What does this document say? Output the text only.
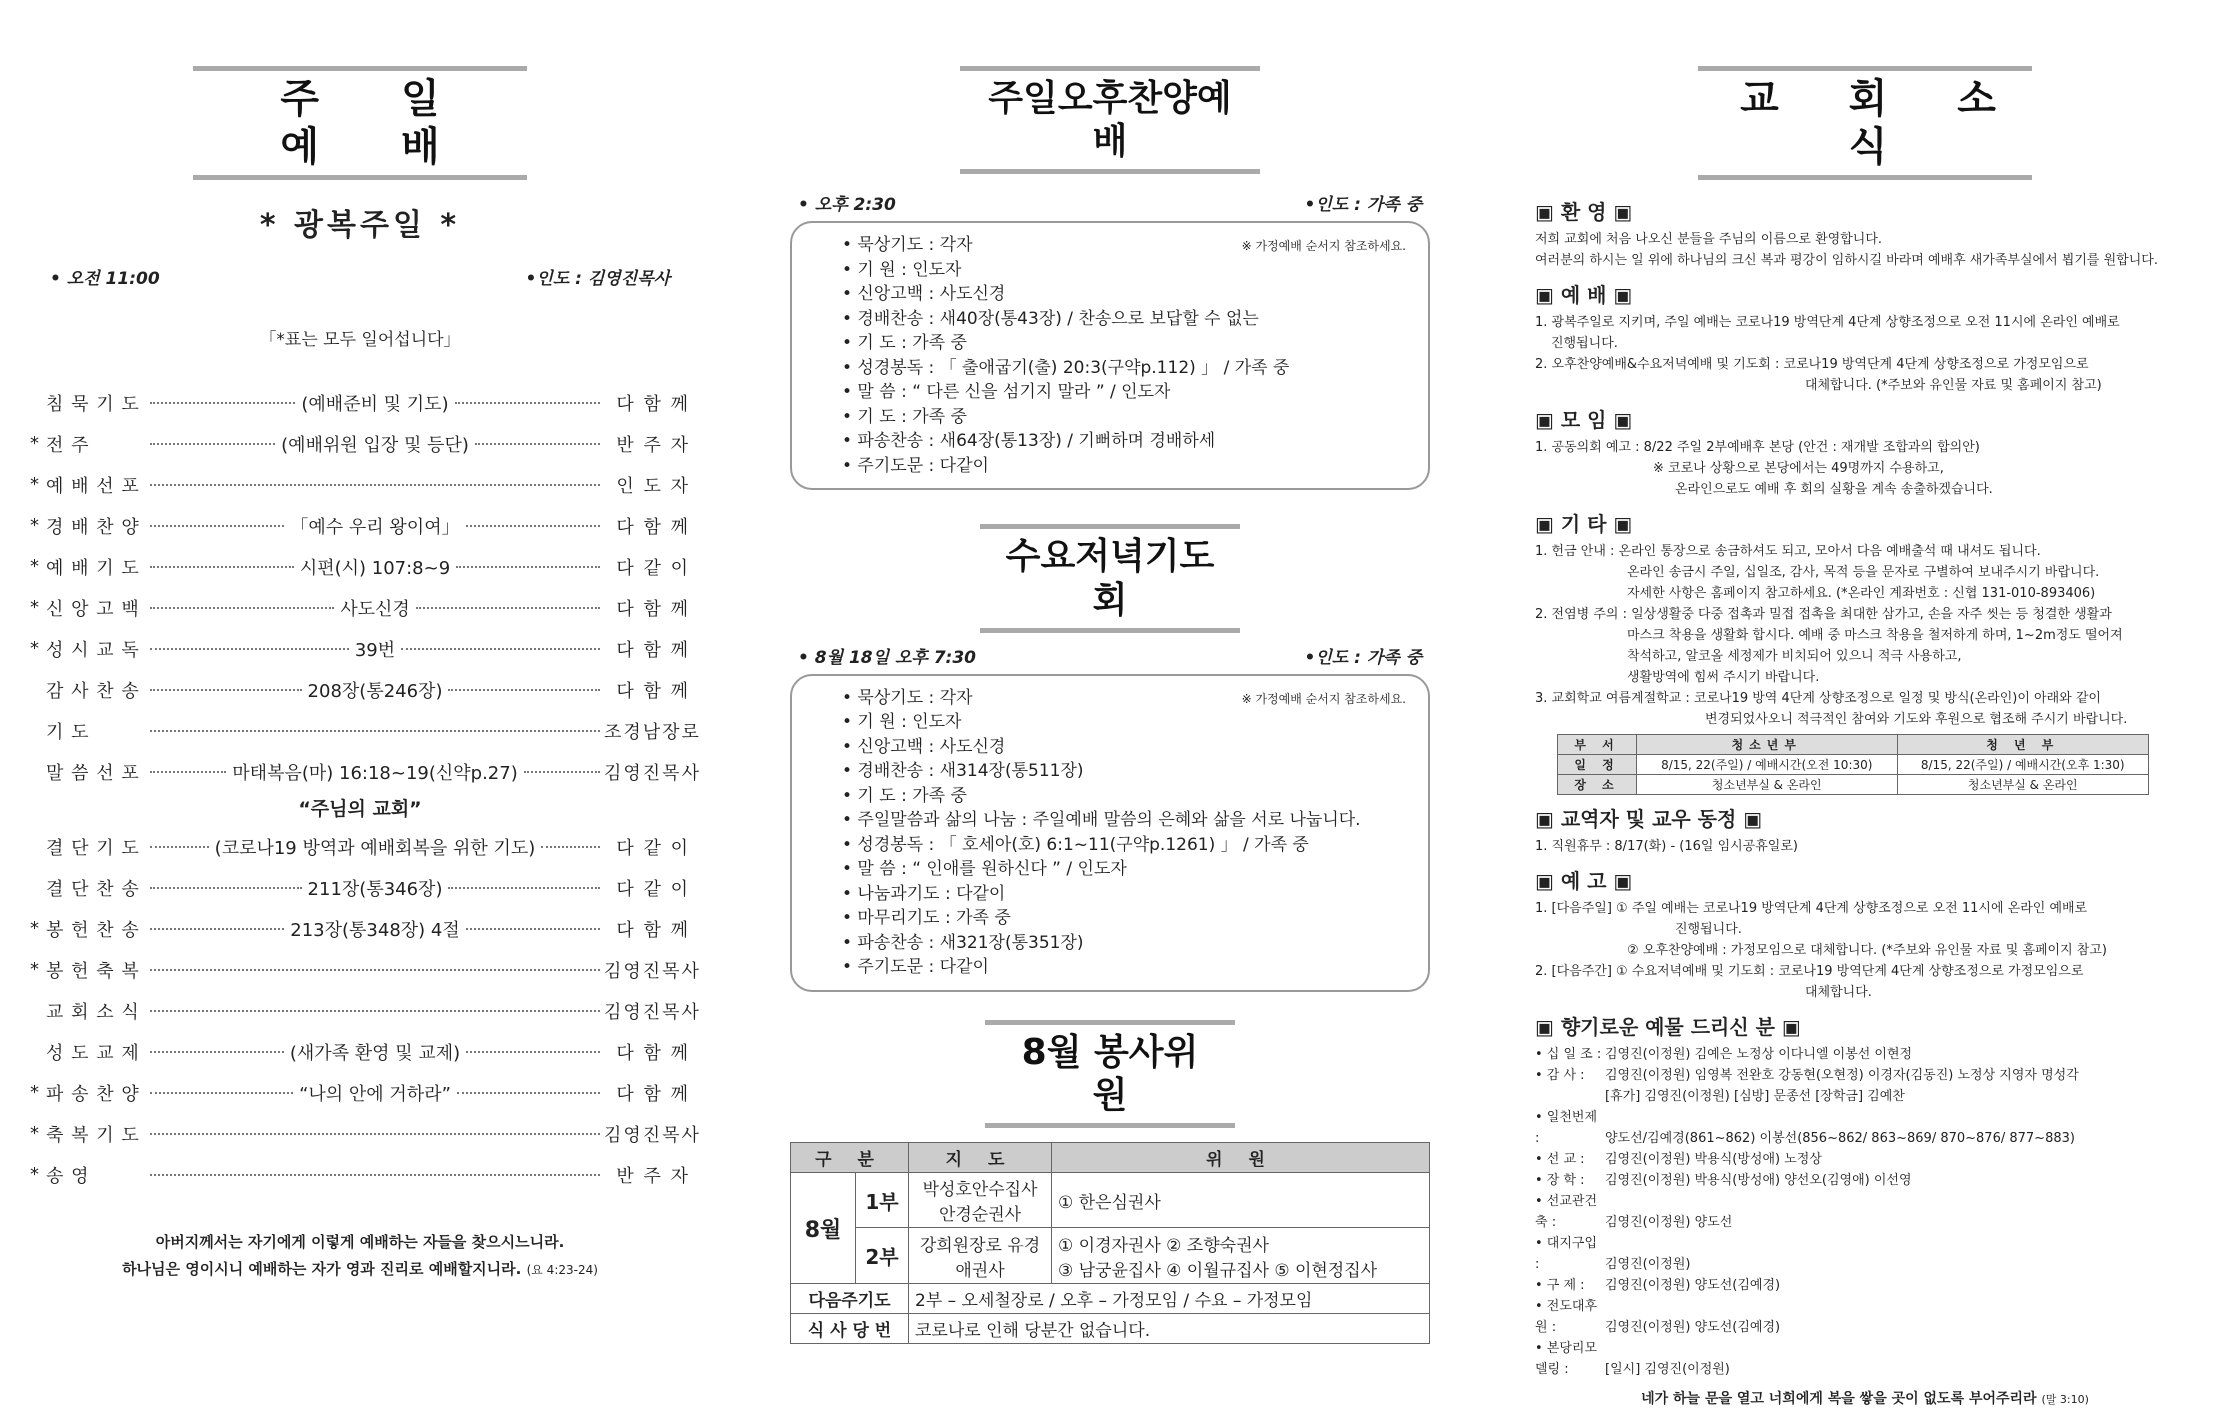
주 일 예 배
* 광복주일 *
• 오전 11:00	•인도 : 김영진목사
「*표는 모두 일어섭니다」
침 묵 기 도	(예배준비 및 기도)	다 함 께
* 전 주	(예배위원 입장 및 등단)	반 주 자
* 예 배 선 포	인 도 자
* 경 배 찬 양	「예수 우리 왕이여」	다 함 께
* 예 배 기 도	시편(시) 107:8~9	다 같 이
* 신 앙 고 백	사도신경	다 함 께
* 성 시 교 독	39번	다 함 께
감 사 찬 송	208장(통246장)	다 함 께
기 도	조경남장로
말 씀 선 포	마태복음(마) 16:18~19(신약p.27)	김영진목사
“주님의 교회”
결 단 기 도	(코로나19 방역과 예배회복을 위한 기도)	다 같 이
결 단 찬 송	211장(통346장)	다 같 이
* 봉 헌 찬 송	213장(통348장) 4절	다 함 께
* 봉 헌 축 복	김영진목사
교 회 소 식	김영진목사
성 도 교 제	(새가족 환영 및 교제)	다 함 께
* 파 송 찬 양	“나의 안에 거하라”	다 함 께
* 축 복 기 도	김영진목사
* 송 영	반 주 자
아버지께서는 자기에게 이렇게 예배하는 자들을 찾으시느니라.
하나님은 영이시니 예배하는 자가 영과 진리로 예배할지니라. (요 4:23-24)
주일오후찬양예배
• 오후 2:30	•인도 : 가족 중
※ 가정예배 순서지 참조하세요.
• 묵상기도 : 각자
• 기 원 : 인도자
• 신앙고백 : 사도신경
• 경배찬송 : 새40장(통43장) / 찬송으로 보답할 수 없는
• 기 도 : 가족 중
• 성경봉독 : 「 출애굽기(출) 20:3(구약p.112) 」 / 가족 중
• 말 씀 : “ 다른 신을 섬기지 말라 ” / 인도자
• 기 도 : 가족 중
• 파송찬송 : 새64장(통13장) / 기뻐하며 경배하세
• 주기도문 : 다같이
수요저녁기도회
• 8월 18일 오후 7:30	•인도 : 가족 중
※ 가정예배 순서지 참조하세요.
• 묵상기도 : 각자
• 기 원 : 인도자
• 신앙고백 : 사도신경
• 경배찬송 : 새314장(통511장)
• 기 도 : 가족 중
• 주일말씀과 삶의 나눔 : 주일예배 말씀의 은혜와 삶을 서로 나눕니다.
• 성경봉독 : 「 호세아(호) 6:1~11(구약p.1261) 」 / 가족 중
• 말 씀 : “ 인애를 원하신다 ” / 인도자
• 나눔과기도 : 다같이
• 마무리기도 : 가족 중
• 파송찬송 : 새321장(통351장)
• 주기도문 : 다같이
8월 봉사위원
구 분		지 도	위 원
8월	1부	박성호안수집사 안경순권사	① 한은심권사
	2부	강희원장로 유경애권사	① 이경자권사 ② 조향숙권사
③ 남궁윤집사 ④ 이월규집사 ⑤ 이현정집사

다음주기도		2부 – 오세철장로 / 오후 – 가정모임 / 수요 – 가정모임	
식 사 당 번		코로나로 인해 당분간 없습니다.	
교 회 소 식
▣ 환 영 ▣
저희 교회에 처음 나오신 분들을 주님의 이름으로 환영합니다.
여러분의 하시는 일 위에 하나님의 크신 복과 평강이 임하시길 바라며 예배후 새가족부실에서 뵙기를 원합니다.
▣ 예 배 ▣
1. 광복주일로 지키며, 주일 예배는 코로나19 방역단계 4단계 상향조정으로 오전 11시에 온라인 예배로
진행됩니다.
2. 오후찬양예배&수요저녁예배 및 기도회 : 코로나19 방역단계 4단계 상향조정으로 가정모임으로
대체합니다. (*주보와 유인물 자료 및 홈페이지 참고)
▣ 모 임 ▣
1. 공동의회 예고 : 8/22 주일 2부예배후 본당 (안건 : 재개발 조합과의 합의안)
※ 코로나 상황으로 본당에서는 49명까지 수용하고,
온라인으로도 예배 후 회의 실황을 계속 송출하겠습니다.
▣ 기 타 ▣
1. 헌금 안내 : 온라인 통장으로 송금하셔도 되고, 모아서 다음 예배출석 때 내셔도 됩니다.
온라인 송금시 주일, 십일조, 감사, 목적 등을 문자로 구별하여 보내주시기 바랍니다.
자세한 사항은 홈페이지 참고하세요. (*온라인 계좌번호 : 신협 131-010-893406)
2. 전염병 주의 : 일상생활중 다중 접촉과 밀접 접촉을 최대한 삼가고, 손을 자주 씻는 등 청결한 생활과
마스크 착용을 생활화 합시다. 예배 중 마스크 착용을 철저하게 하며, 1~2m정도 떨어져
착석하고, 알코올 세정제가 비치되어 있으니 적극 사용하고,
생활방역에 힘써 주시기 바랍니다.
3. 교회학교 여름계절학교 : 코로나19 방역 4단계 상향조정으로 일정 및 방식(온라인)이 아래와 같이
변경되었사오니 적극적인 참여와 기도와 후원으로 협조해 주시기 바랍니다.
부 서	청소년부	청 년 부
일 정	8/15, 22(주일) / 예배시간(오전 10:30)	8/15, 22(주일) / 예배시간(오후 1:30)
장 소	청소년부실 & 온라인	청소년부실 & 온라인
▣ 교역자 및 교우 동정 ▣
1. 직원휴무 : 8/17(화) - (16일 임시공휴일로)
▣ 예 고 ▣
1. [다음주일] ① 주일 예배는 코로나19 방역단계 4단계 상향조정으로 오전 11시에 온라인 예배로
진행됩니다.
② 오후찬양예배 : 가정모임으로 대체합니다. (*주보와 유인물 자료 및 홈페이지 참고)
2. [다음주간] ① 수요저녁예배 및 기도회 : 코로나19 방역단계 4단계 상향조정으로 가정모임으로
대체합니다.
▣ 향기로운 예물 드리신 분 ▣
• 십 일 조 : 김영진(이정원) 김예은 노정상 이다니엘 이봉선 이현정
• 감 사 : 김영진(이정원) 임영복 전완호 강동현(오현정) 이경자(김동진) 노정상 지영자 명성각
[휴가] 김영진(이정원) [심방] 문종선 [장학금] 김예찬
• 일천번제 :	양도선/김예경(861~862) 이봉선(856~862/ 863~869/ 870~876/ 877~883)
• 선 교 : 김영진(이정원) 박용식(방성애) 노정상
• 장 학 : 김영진(이정원) 박용식(방성애) 양선오(김영애) 이선영
• 선교관건축 :	김영진(이정원) 양도선
• 대지구입 :	김영진(이정원)
• 구 제 : 김영진(이정원) 양도선(김예경)
• 전도대후원 :	김영진(이정원) 양도선(김예경)
• 본당리모델링 :	[일시] 김영진(이정원)
네가 하늘 문을 열고 너희에게 복을 쌓을 곳이 없도록 부어주리라 (말 3:10)
